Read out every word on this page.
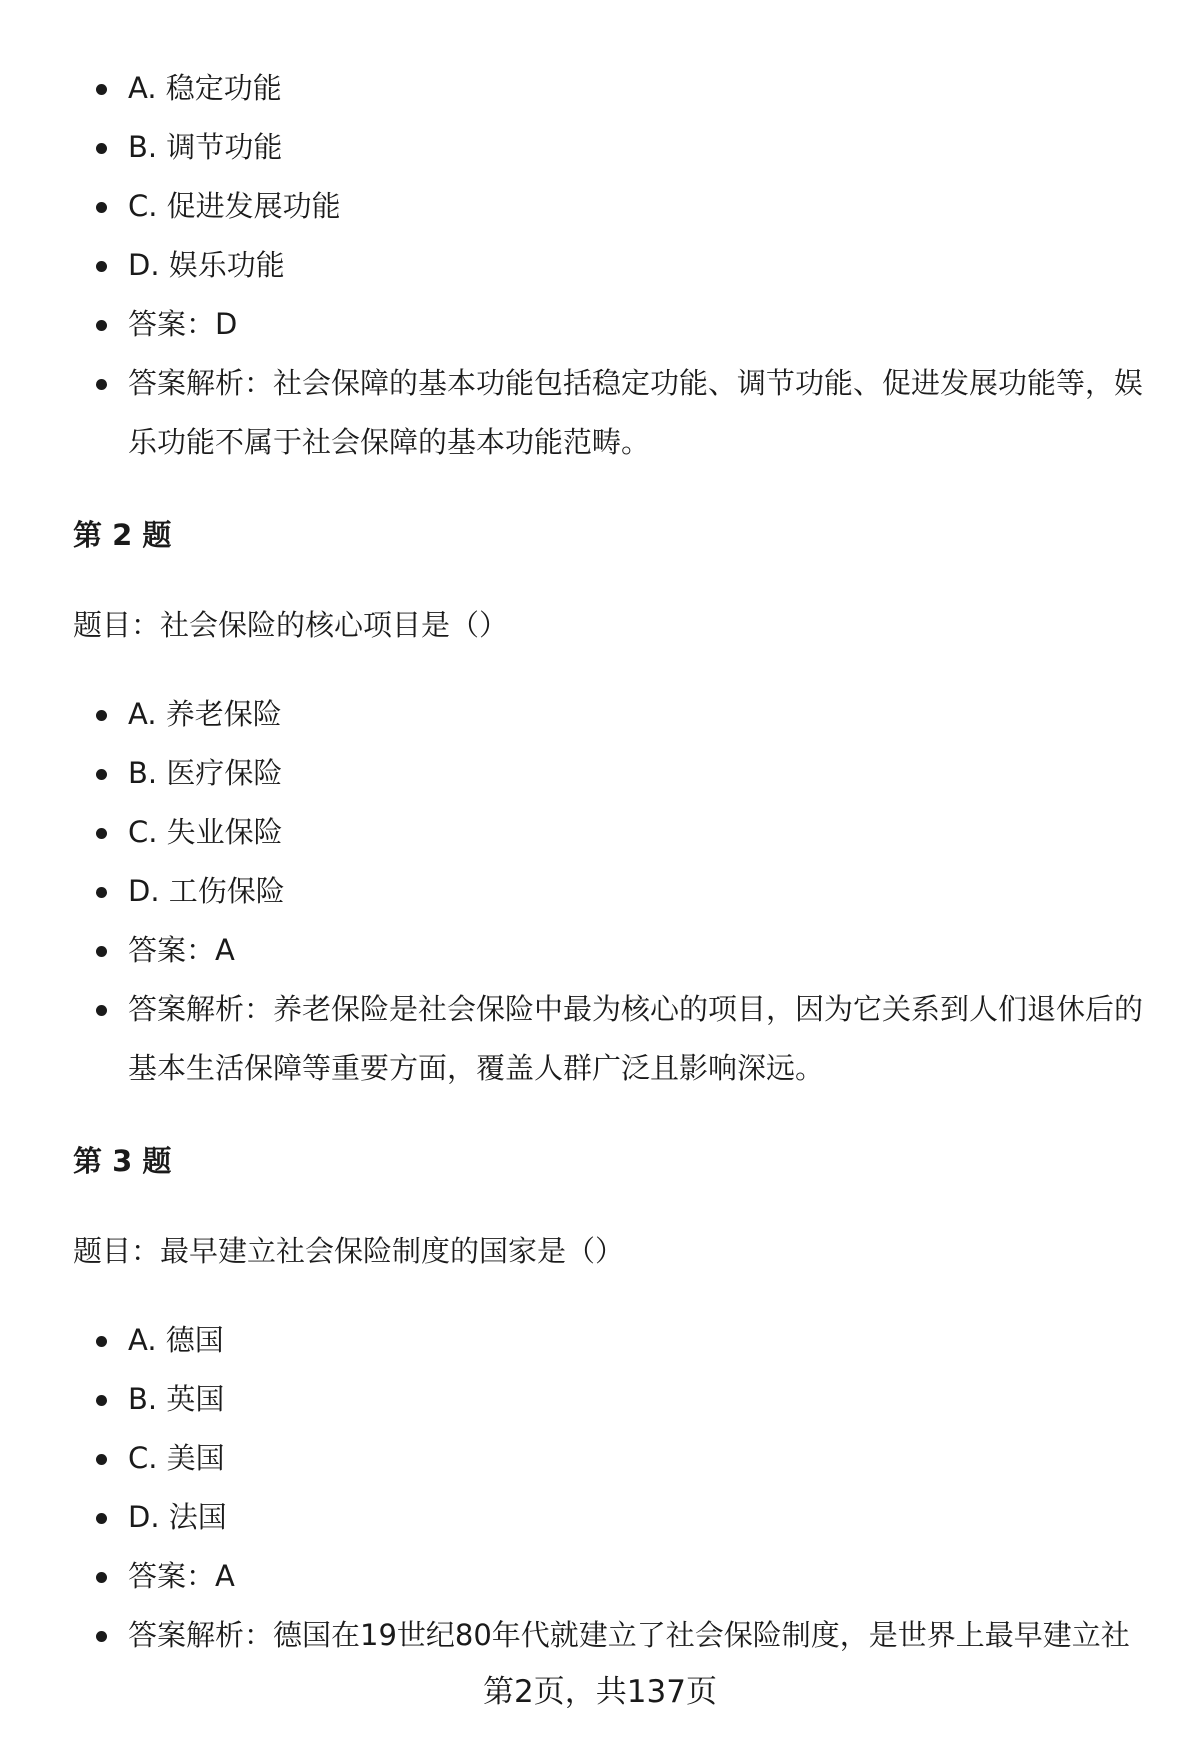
A. 稳定功能
B. 调节功能
C. 促进发展功能
D. 娱乐功能
答案：D
答案解析：社会保障的基本功能包括稳定功能、调节功能、促进发展功能等，娱乐功能不属于社会保障的基本功能范畴。
第 2 题
题目：社会保险的核心项目是（）
A. 养老保险
B. 医疗保险
C. 失业保险
D. 工伤保险
答案：A
答案解析：养老保险是社会保险中最为核心的项目，因为它关系到人们退休后的基本生活保障等重要方面，覆盖人群广泛且影响深远。
第 3 题
题目：最早建立社会保险制度的国家是（）
A. 德国
B. 英国
C. 美国
D. 法国
答案：A
答案解析：德国在19世纪80年代就建立了社会保险制度，是世界上最早建立社
第2页，共137页
